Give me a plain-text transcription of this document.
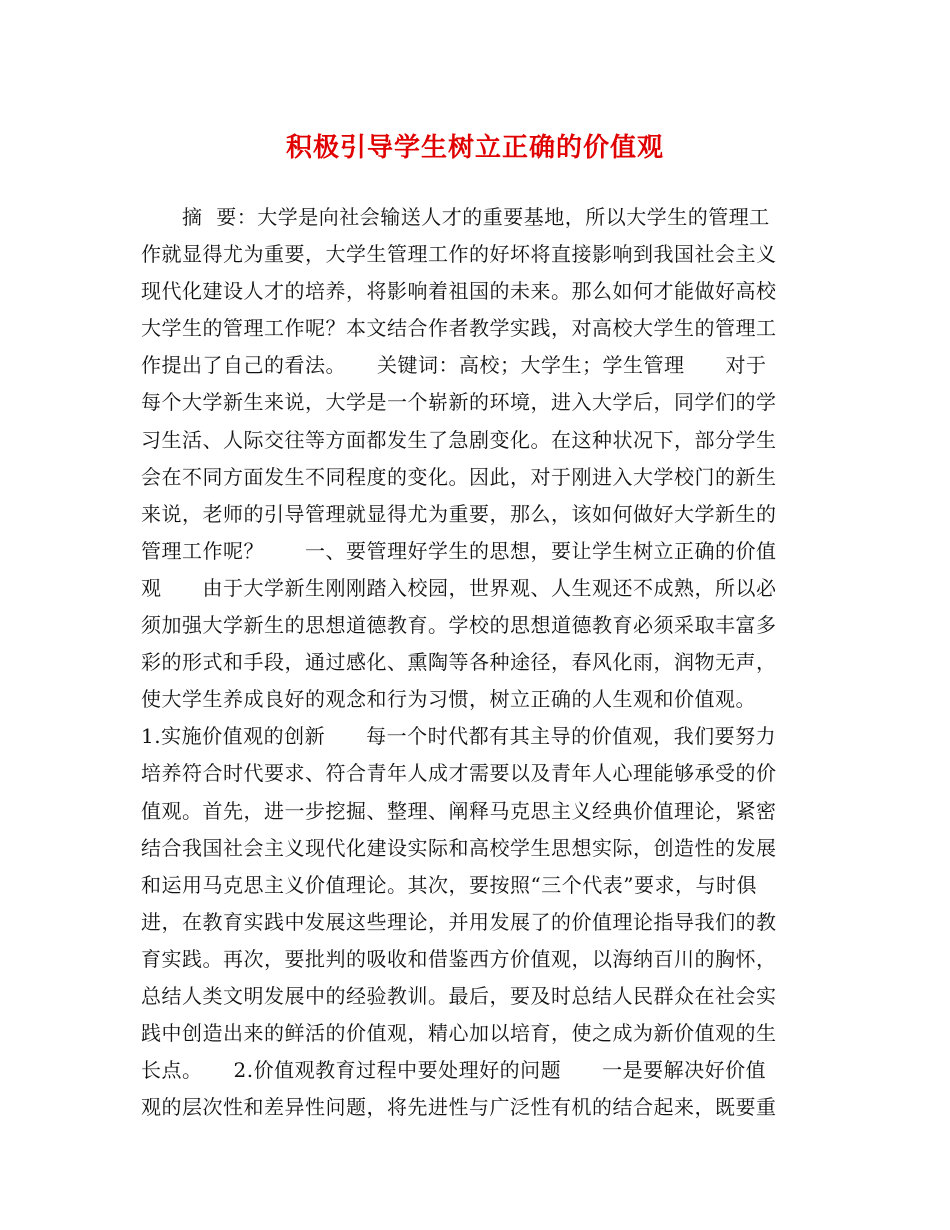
积极引导学生树立正确的价值观
　　摘  要：大学是向社会输送人才的重要基地，所以大学生的管理工
作就显得尤为重要，大学生管理工作的好坏将直接影响到我国社会主义
现代化建设人才的培养，将影响着祖国的未来。那么如何才能做好高校
大学生的管理工作呢？本文结合作者教学实践，对高校大学生的管理工
作提出了自己的看法。　　关键词：高校；大学生；学生管理　　对于
每个大学新生来说，大学是一个崭新的环境，进入大学后，同学们的学
习生活、人际交往等方面都发生了急剧变化。在这种状况下，部分学生
会在不同方面发生不同程度的变化。因此，对于刚进入大学校门的新生
来说，老师的引导管理就显得尤为重要，那么，该如何做好大学新生的
管理工作呢？　　一、要管理好学生的思想，要让学生树立正确的价值
观　　由于大学新生刚刚踏入校园，世界观、人生观还不成熟，所以必
须加强大学新生的思想道德教育。学校的思想道德教育必须采取丰富多
彩的形式和手段，通过感化、熏陶等各种途径，春风化雨，润物无声，
使大学生养成良好的观念和行为习惯，树立正确的人生观和价值观。
1.实施价值观的创新　　每一个时代都有其主导的价值观，我们要努力
培养符合时代要求、符合青年人成才需要以及青年人心理能够承受的价
值观。首先，进一步挖掘、整理、阐释马克思主义经典价值理论，紧密
结合我国社会主义现代化建设实际和高校学生思想实际，创造性的发展
和运用马克思主义价值理论。其次，要按照“三个代表”要求，与时俱
进，在教育实践中发展这些理论，并用发展了的价值理论指导我们的教
育实践。再次，要批判的吸收和借鉴西方价值观，以海纳百川的胸怀，
总结人类文明发展中的经验教训。最后，要及时总结人民群众在社会实
践中创造出来的鲜活的价值观，精心加以培育，使之成为新价值观的生
长点。　　2.价值观教育过程中要处理好的问题　　一是要解决好价值
观的层次性和差异性问题，将先进性与广泛性有机的结合起来，既要重
